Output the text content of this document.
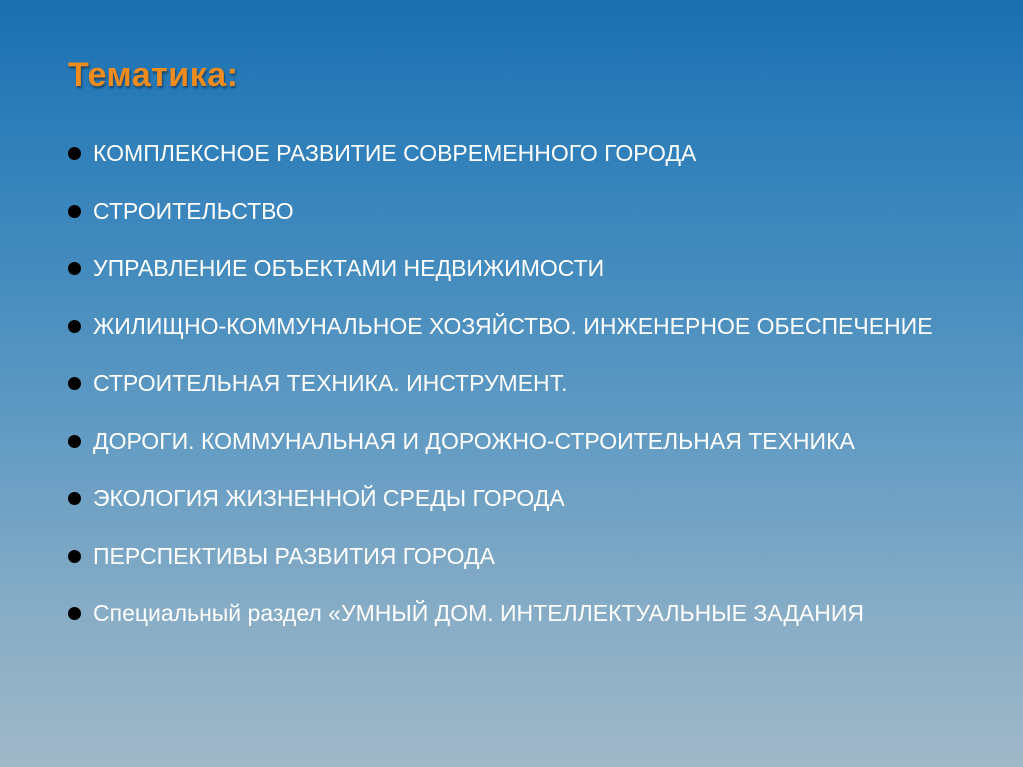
Тематика:
КОМПЛЕКСНОЕ РАЗВИТИЕ СОВРЕМЕННОГО ГОРОДА
СТРОИТЕЛЬСТВО
УПРАВЛЕНИЕ ОБЪЕКТАМИ НЕДВИЖИМОСТИ
ЖИЛИЩНО-КОММУНАЛЬНОЕ ХОЗЯЙСТВО. ИНЖЕНЕРНОЕ ОБЕСПЕЧЕНИЕ
СТРОИТЕЛЬНАЯ ТЕХНИКА. ИНСТРУМЕНТ.
ДОРОГИ. КОММУНАЛЬНАЯ И ДОРОЖНО-СТРОИТЕЛЬНАЯ ТЕХНИКА
ЭКОЛОГИЯ ЖИЗНЕННОЙ СРЕДЫ ГОРОДА
ПЕРСПЕКТИВЫ РАЗВИТИЯ ГОРОДА
Специальный раздел «УМНЫЙ ДОМ. ИНТЕЛЛЕКТУАЛЬНЫЕ ЗАДАНИЯ
